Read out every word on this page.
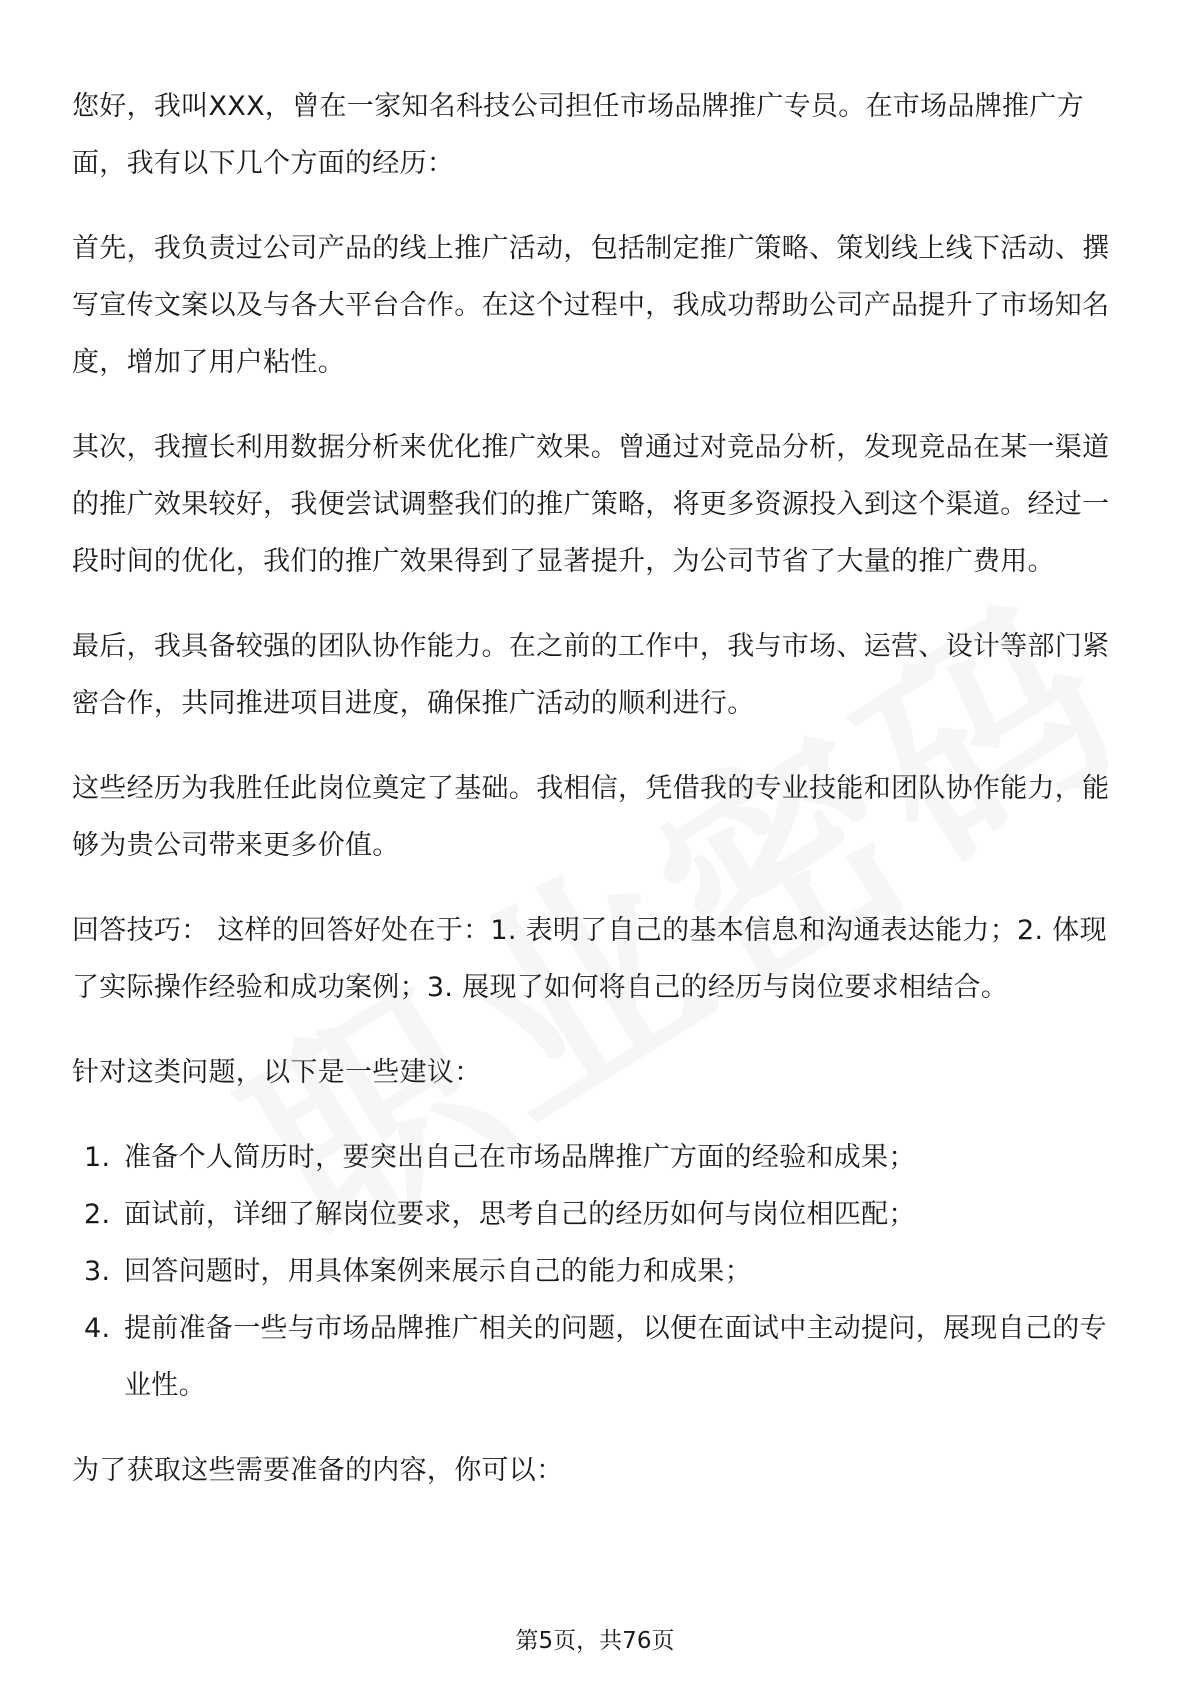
您好，我叫XXX，曾在一家知名科技公司担任市场品牌推广专员。在市场品牌推广方面，我有以下几个方面的经历：

首先，我负责过公司产品的线上推广活动，包括制定推广策略、策划线上线下活动、撰写宣传文案以及与各大平台合作。在这个过程中，我成功帮助公司产品提升了市场知名度，增加了用户粘性。

其次，我擅长利用数据分析来优化推广效果。曾通过对竞品分析，发现竞品在某一渠道的推广效果较好，我便尝试调整我们的推广策略，将更多资源投入到这个渠道。经过一段时间的优化，我们的推广效果得到了显著提升，为公司节省了大量的推广费用。

最后，我具备较强的团队协作能力。在之前的工作中，我与市场、运营、设计等部门紧密合作，共同推进项目进度，确保推广活动的顺利进行。

这些经历为我胜任此岗位奠定了基础。我相信，凭借我的专业技能和团队协作能力，能够为贵公司带来更多价值。

回答技巧： 这样的回答好处在于：1. 表明了自己的基本信息和沟通表达能力；2. 体现了实际操作经验和成功案例；3. 展现了如何将自己的经历与岗位要求相结合。

针对这类问题，以下是一些建议：

1. 准备个人简历时，要突出自己在市场品牌推广方面的经验和成果；
2. 面试前，详细了解岗位要求，思考自己的经历如何与岗位相匹配；
3. 回答问题时，用具体案例来展示自己的能力和成果；
4. 提前准备一些与市场品牌推广相关的问题，以便在面试中主动提问，展现自己的专业性。

为了获取这些需要准备的内容，你可以：

第5页，共76页
